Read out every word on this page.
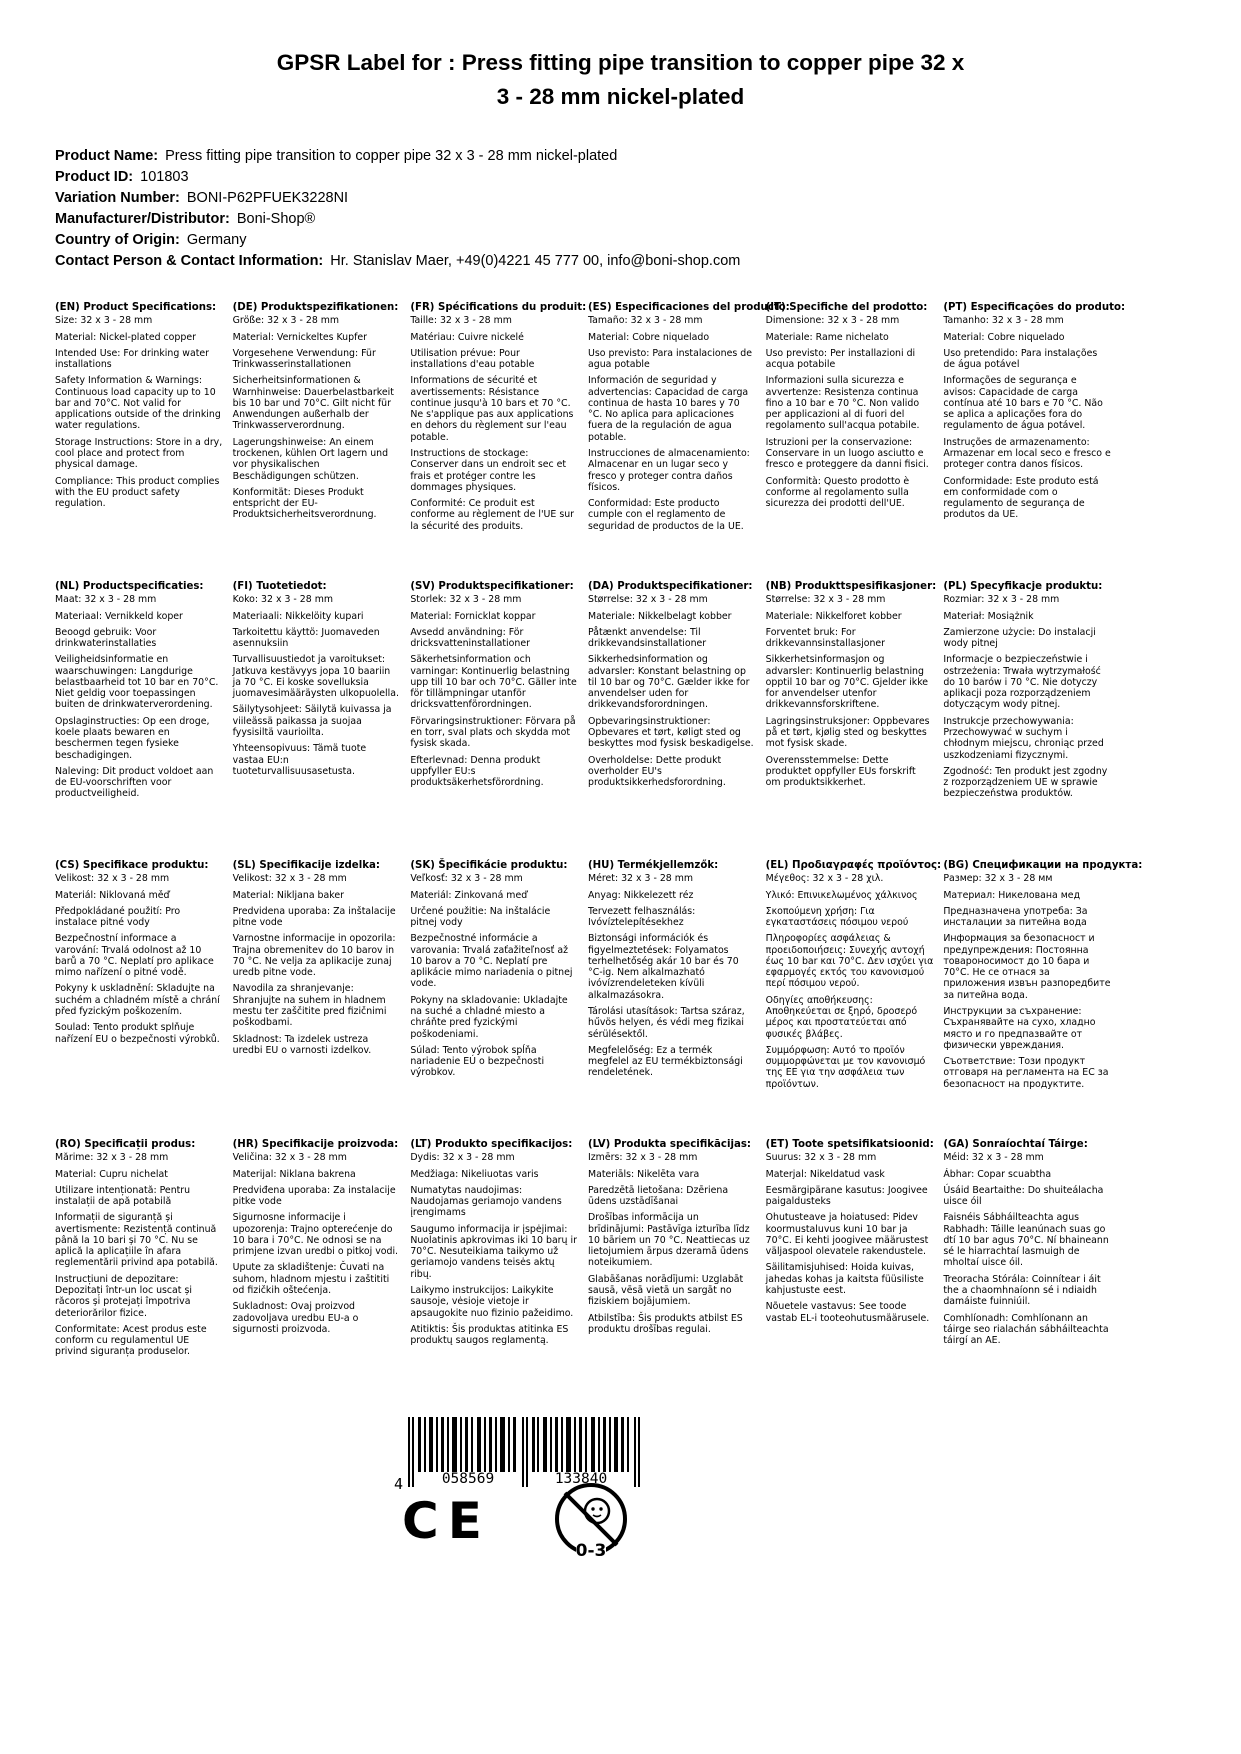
GPSR Label for : Press fitting pipe transition to copper pipe 32 x
3 - 28 mm nickel-plated
Product Name: Press fitting pipe transition to copper pipe 32 x 3 - 28 mm nickel-plated
Product ID: 101803
Variation Number: BONI-P62PFUEK3228NI
Manufacturer/Distributor: Boni-Shop®
Country of Origin: Germany
Contact Person & Contact Information: Hr. Stanislav Maer, +49(0)4221 45 777 00, info@boni-shop.com
(EN) Product Specifications:

Size: 32 x 3 - 28 mm

Material: Nickel-plated copper

Intended Use: For drinking water installations

Safety Information & Warnings: Continuous load capacity up to 10 bar and 70°C. Not valid for applications outside of the drinking water regulations.

Storage Instructions: Store in a dry, cool place and protect from physical damage.

Compliance: This product complies with the EU product safety regulation.

(DE) Produktspezifikationen:

Größe: 32 x 3 - 28 mm

Material: Vernickeltes Kupfer

Vorgesehene Verwendung: Für Trinkwasserinstallationen

Sicherheitsinformationen & Warnhinweise: Dauerbelastbarkeit bis 10 bar und 70°C. Gilt nicht für Anwendungen außerhalb der Trinkwasserverordnung.

Lagerungshinweise: An einem trockenen, kühlen Ort lagern und vor physikalischen Beschädigungen schützen.

Konformität: Dieses Produkt entspricht der EU-Produktsicherheitsverordnung.

(FR) Spécifications du produit:

Taille: 32 x 3 - 28 mm

Matériau: Cuivre nickelé

Utilisation prévue: Pour installations d'eau potable

Informations de sécurité et avertissements: Résistance continue jusqu'à 10 bars et 70 °C. Ne s'applique pas aux applications en dehors du règlement sur l'eau potable.

Instructions de stockage: Conserver dans un endroit sec et frais et protéger contre les dommages physiques.

Conformité: Ce produit est conforme au règlement de l'UE sur la sécurité des produits.

(ES) Especificaciones del producto:

Tamaño: 32 x 3 - 28 mm

Material: Cobre niquelado

Uso previsto: Para instalaciones de agua potable

Información de seguridad y advertencias: Capacidad de carga continua de hasta 10 bares y 70 °C. No aplica para aplicaciones fuera de la regulación de agua potable.

Instrucciones de almacenamiento: Almacenar en un lugar seco y fresco y proteger contra daños físicos.

Conformidad: Este producto cumple con el reglamento de seguridad de productos de la UE.

(IT) Specifiche del prodotto:

Dimensione: 32 x 3 - 28 mm

Materiale: Rame nichelato

Uso previsto: Per installazioni di acqua potabile

Informazioni sulla sicurezza e avvertenze: Resistenza continua fino a 10 bar e 70 °C. Non valido per applicazioni al di fuori del regolamento sull'acqua potabile.

Istruzioni per la conservazione: Conservare in un luogo asciutto e fresco e proteggere da danni fisici.

Conformità: Questo prodotto è conforme al regolamento sulla sicurezza dei prodotti dell'UE.

(PT) Especificações do produto:

Tamanho: 32 x 3 - 28 mm

Material: Cobre niquelado

Uso pretendido: Para instalações de água potável

Informações de segurança e avisos: Capacidade de carga contínua até 10 bars e 70 °C. Não se aplica a aplicações fora do regulamento de água potável.

Instruções de armazenamento: Armazenar em local seco e fresco e proteger contra danos físicos.

Conformidade: Este produto está em conformidade com o regulamento de segurança de produtos da UE.

(NL) Productspecificaties:

Maat: 32 x 3 - 28 mm

Materiaal: Vernikkeld koper

Beoogd gebruik: Voor drinkwaterinstallaties

Veiligheidsinformatie en waarschuwingen: Langdurige belastbaarheid tot 10 bar en 70°C. Niet geldig voor toepassingen buiten de drinkwaterverordening.

Opslaginstructies: Op een droge, koele plaats bewaren en beschermen tegen fysieke beschadigingen.

Naleving: Dit product voldoet aan de EU-voorschriften voor productveiligheid.

(FI) Tuotetiedot:

Koko: 32 x 3 - 28 mm

Materiaali: Nikkelöity kupari

Tarkoitettu käyttö: Juomaveden asennuksiin

Turvallisuustiedot ja varoitukset: Jatkuva kestävyys jopa 10 baariin ja 70 °C. Ei koske sovelluksia juomavesimääräysten ulkopuolella.

Säilytysohjeet: Säilytä kuivassa ja viileässä paikassa ja suojaa fyysisiltä vaurioilta.

Yhteensopivuus: Tämä tuote vastaa EU:n tuoteturvallisuusasetusta.

(SV) Produktspecifikationer:

Storlek: 32 x 3 - 28 mm

Material: Fornicklat koppar

Avsedd användning: För dricksvatteninstallationer

Säkerhetsinformation och varningar: Kontinuerlig belastning upp till 10 bar och 70°C. Gäller inte för tillämpningar utanför dricksvattenförordningen.

Förvaringsinstruktioner: Förvara på en torr, sval plats och skydda mot fysisk skada.

Efterlevnad: Denna produkt uppfyller EU:s produktsäkerhetsförordning.

(DA) Produktspecifikationer:

Størrelse: 32 x 3 - 28 mm

Materiale: Nikkelbelagt kobber

Påtænkt anvendelse: Til drikkevandsinstallationer

Sikkerhedsinformation og advarsler: Konstant belastning op til 10 bar og 70°C. Gælder ikke for anvendelser uden for drikkevandsforordningen.

Opbevaringsinstruktioner: Opbevares et tørt, køligt sted og beskyttes mod fysisk beskadigelse.

Overholdelse: Dette produkt overholder EU's produktsikkerhedsforordning.

(NB) Produkttspesifikasjoner:

Størrelse: 32 x 3 - 28 mm

Materiale: Nikkelforet kobber

Forventet bruk: For drikkevannsinstallasjoner

Sikkerhetsinformasjon og advarsler: Kontinuerlig belastning opptil 10 bar og 70°C. Gjelder ikke for anvendelser utenfor drikkevannsforskriftene.

Lagringsinstruksjoner: Oppbevares på et tørt, kjølig sted og beskyttes mot fysisk skade.

Overensstemmelse: Dette produktet oppfyller EUs forskrift om produktsikkerhet.

(PL) Specyfikacje produktu:

Rozmiar: 32 x 3 - 28 mm

Materiał: Mosiążnik

Zamierzone użycie: Do instalacji wody pitnej

Informacje o bezpieczeństwie i ostrzeżenia: Trwała wytrzymałość do 10 barów i 70 °C. Nie dotyczy aplikacji poza rozporządzeniem dotyczącym wody pitnej.

Instrukcje przechowywania: Przechowywać w suchym i chłodnym miejscu, chroniąc przed uszkodzeniami fizycznymi.

Zgodność: Ten produkt jest zgodny z rozporządzeniem UE w sprawie bezpieczeństwa produktów.

(CS) Specifikace produktu:

Velikost: 32 x 3 - 28 mm

Materiál: Niklovaná měď

Předpokládané použití: Pro instalace pitné vody

Bezpečnostní informace a varování: Trvalá odolnost až 10 barů a 70 °C. Neplatí pro aplikace mimo nařízení o pitné vodě.

Pokyny k uskladnění: Skladujte na suchém a chladném místě a chrání před fyzickým poškozením.

Soulad: Tento produkt splňuje nařízení EU o bezpečnosti výrobků.

(SL) Specifikacije izdelka:

Velikost: 32 x 3 - 28 mm

Material: Nikljana baker

Predvidena uporaba: Za inštalacije pitne vode

Varnostne informacije in opozorila: Trajna obremenitev do 10 barov in 70 °C. Ne velja za aplikacije zunaj uredb pitne vode.

Navodila za shranjevanje: Shranjujte na suhem in hladnem mestu ter zaščitite pred fizičnimi poškodbami.

Skladnost: Ta izdelek ustreza uredbi EU o varnosti izdelkov.

(SK) Špecifikácie produktu:

Veľkosť: 32 x 3 - 28 mm

Materiál: Zinkovaná meď

Určené použitie: Na inštalácie pitnej vody

Bezpečnostné informácie a varovania: Trvalá zaťažiteľnosť až 10 barov a 70 °C. Neplatí pre aplikácie mimo nariadenia o pitnej vode.

Pokyny na skladovanie: Ukladajte na suché a chladné miesto a chráňte pred fyzickými poškodeniami.

Súlad: Tento výrobok spĺňa nariadenie EÚ o bezpečnosti výrobkov.

(HU) Termékjellemzők:

Méret: 32 x 3 - 28 mm

Anyag: Nikkelezett réz

Tervezett felhasználás: Ivóvíztelepítésekhez

Biztonsági információk és figyelmeztetések: Folyamatos terhelhetőség akár 10 bar és 70 °C-ig. Nem alkalmazható ivóvízrendeleteken kívüli alkalmazásokra.

Tárolási utasítások: Tartsa száraz, hűvös helyen, és védi meg fizikai sérülésektől.

Megfelelőség: Ez a termék megfelel az EU termékbiztonsági rendeletének.

(EL) Προδιαγραφές προϊόντος:

Μέγεθος: 32 x 3 - 28 χιλ.

Υλικό: Επινικελωμένος χάλκινος

Σκοπούμενη χρήση: Για εγκαταστάσεις πόσιμου νερού

Πληροφορίες ασφάλειας & προειδοποιήσεις: Συνεχής αντοχή έως 10 bar και 70°C. Δεν ισχύει για εφαρμογές εκτός του κανονισμού περί πόσιμου νερού.

Οδηγίες αποθήκευσης: Αποθηκεύεται σε ξηρό, δροσερό μέρος και προστατεύεται από φυσικές βλάβες.

Συμμόρφωση: Αυτό το προϊόν συμμορφώνεται με τον κανονισμό της ΕΕ για την ασφάλεια των προϊόντων.

(BG) Спецификации на продукта:

Размер: 32 x 3 - 28 мм

Материал: Никелована мед

Предназначена употреба: За инсталации за питейна вода

Информация за безопасност и предупреждения: Постоянна товароносимост до 10 бара и 70°C. Не се отнася за приложения извън разпоредбите за питейна вода.

Инструкции за съхранение: Съхранявайте на сухо, хладно място и го предпазвайте от физически увреждания.

Съответствие: Този продукт отговаря на регламента на ЕС за безопасност на продуктите.

(RO) Specificații produs:

Mărime: 32 x 3 - 28 mm

Material: Cupru nichelat

Utilizare intenționată: Pentru instalații de apă potabilă

Informații de siguranță și avertismente: Rezistență continuă până la 10 bari și 70 °C. Nu se aplică la aplicațiile în afara reglementării privind apa potabilă.

Instrucțiuni de depozitare: Depozitați într-un loc uscat și răcoros și protejați împotriva deteriorărilor fizice.

Conformitate: Acest produs este conform cu regulamentul UE privind siguranța produselor.

(HR) Specifikacije proizvoda:

Veličina: 32 x 3 - 28 mm

Materijal: Niklana bakrena

Predviđena uporaba: Za instalacije pitke vode

Sigurnosne informacije i upozorenja: Trajno opterećenje do 10 bara i 70°C. Ne odnosi se na primjene izvan uredbi o pitkoj vodi.

Upute za skladištenje: Čuvati na suhom, hladnom mjestu i zaštititi od fizičkih oštećenja.

Sukladnost: Ovaj proizvod zadovoljava uredbu EU-a o sigurnosti proizvoda.

(LT) Produkto specifikacijos:

Dydis: 32 x 3 - 28 mm

Medžiaga: Nikeliuotas varis

Numatytas naudojimas: Naudojamas geriamojo vandens įrengimams

Saugumo informacija ir įspėjimai: Nuolatinis apkrovimas iki 10 barų ir 70°C. Nesuteikiama taikymo už geriamojo vandens teisės aktų ribų.

Laikymo instrukcijos: Laikykite sausoje, vėsioje vietoje ir apsaugokite nuo fizinio pažeidimo.

Atitiktis: Šis produktas atitinka ES produktų saugos reglamentą.

(LV) Produkta specifikācijas:

Izmērs: 32 x 3 - 28 mm

Materiāls: Nikelēta vara

Paredzētā lietošana: Dzēriena ūdens uzstādīšanai

Drošības informācija un brīdinājumi: Pastāvīga izturība līdz 10 bāriem un 70 °C. Neattiecas uz lietojumiem ārpus dzeramā ūdens noteikumiem.

Glabāšanas norādījumi: Uzglabāt sausā, vēsā vietā un sargāt no fiziskiem bojājumiem.

Atbilstība: Šis produkts atbilst ES produktu drošības regulai.

(ET) Toote spetsifikatsioonid:

Suurus: 32 x 3 - 28 mm

Materjal: Nikeldatud vask

Eesmärgipärane kasutus: Joogivee paigaldusteks

Ohutusteave ja hoiatused: Pidev koormustaluvus kuni 10 bar ja 70°C. Ei kehti joogivee määrustest väljaspool olevatele rakendustele.

Säilitamisjuhised: Hoida kuivas, jahedas kohas ja kaitsta füüsiliste kahjustuste eest.

Nõuetele vastavus: See toode vastab EL-i tooteohutusmäärusele.

(GA) Sonraíochtaí Táirge:

Méid: 32 x 3 - 28 mm

Ábhar: Copar scuabtha

Úsáid Beartaithe: Do shuiteálacha uisce óil

Faisnéis Sábháilteachta agus Rabhadh: Táille leanúnach suas go dtí 10 bar agus 70°C. Ní bhaineann sé le hiarrachtaí lasmuigh de mholtaí uisce óil.

Treoracha Stórála: Coinnítear i áit the a chaomhnaíonn sé i ndiaidh damáiste fuinniúil.

Comhlíonadh: Comhlíonann an táirge seo rialachán sábháilteachta táirgí an AE.

4	058569	133840
CE
0-3
